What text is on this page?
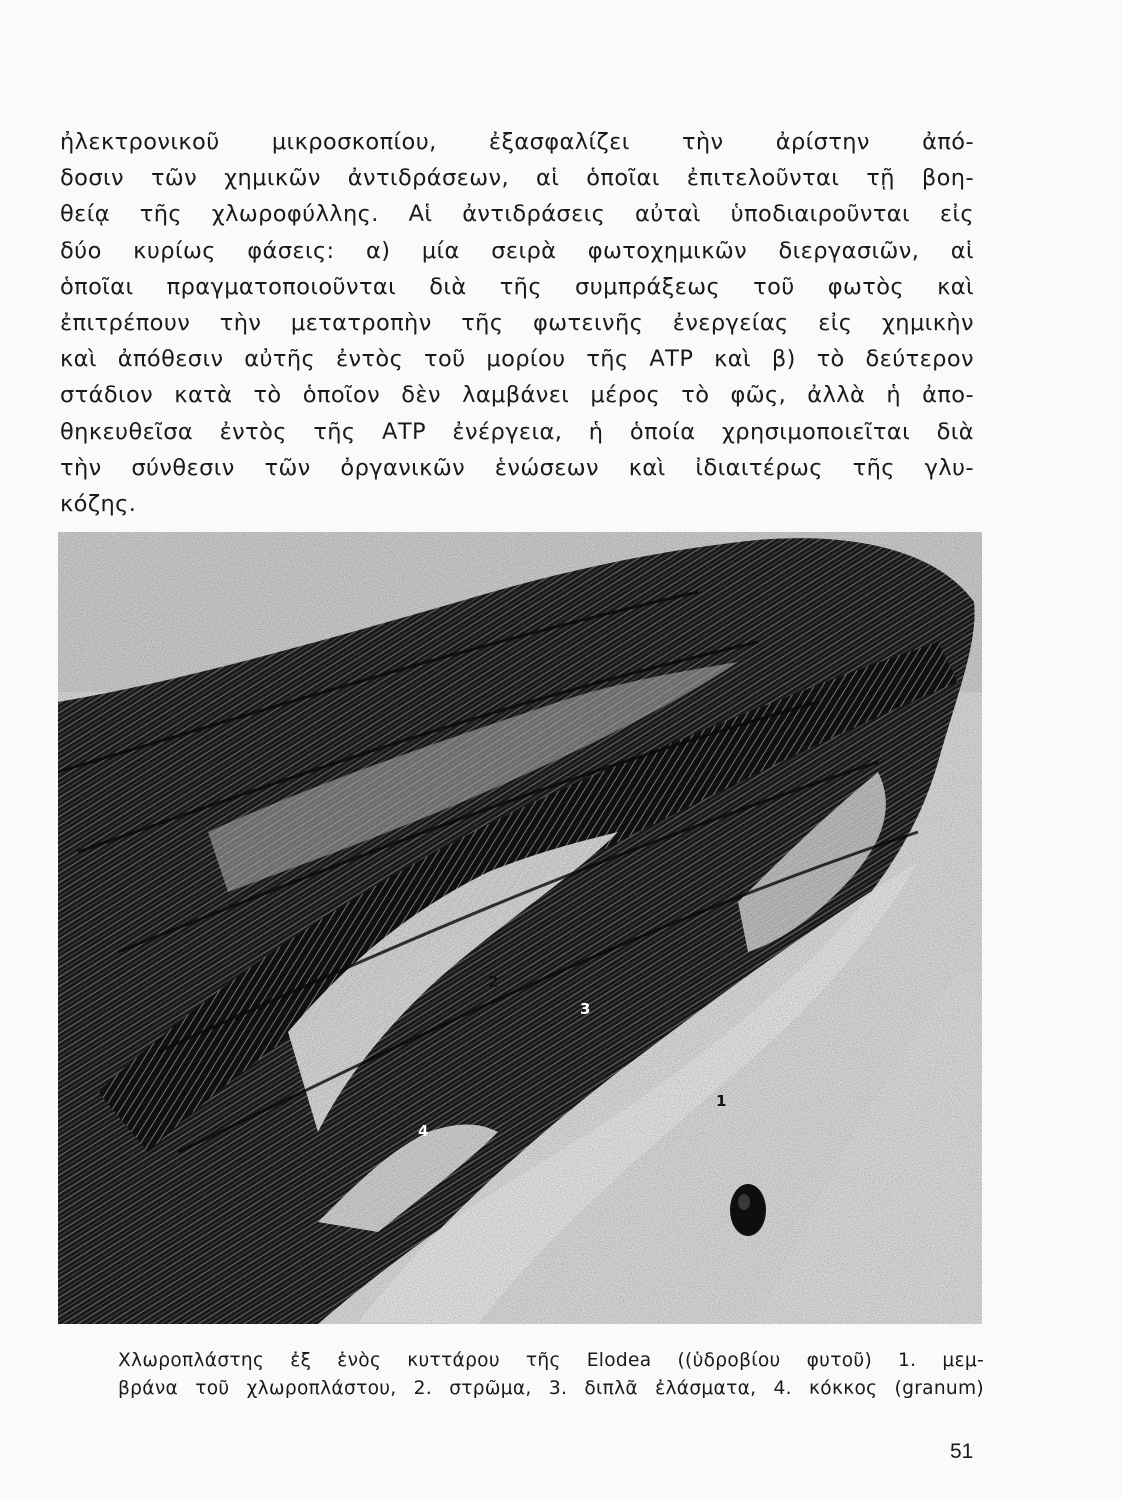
ἠλεκτρονικοῦ μικροσκοπίου, ἐξασφαλίζει τὴν ἀρίστην ἀπό-
δοσιν τῶν χημικῶν ἀντιδράσεων, αἱ ὁποῖαι ἐπιτελοῦνται τῇ βοη-
θείᾳ τῆς χλωροφύλλης. Αἱ ἀντιδράσεις αὐταὶ ὑποδιαιροῦνται εἰς
δύο κυρίως φάσεις: α) μία σειρὰ φωτοχημικῶν διεργασιῶν, αἱ
ὁποῖαι πραγματοποιοῦνται διὰ τῆς συμπράξεως τοῦ φωτὸς καὶ
ἐπιτρέπουν τὴν μετατροπὴν τῆς φωτεινῆς ἐνεργείας εἰς χημικὴν
καὶ ἀπόθεσιν αὐτῆς ἐντὸς τοῦ μορίου τῆς ΑΤΡ καὶ β) τὸ δεύτερον
στάδιον κατὰ τὸ ὁποῖον δὲν λαμβάνει μέρος τὸ φῶς, ἀλλὰ ἡ ἀπο-
θηκευθεῖσα ἐντὸς τῆς ΑΤΡ ἐνέργεια, ἡ ὁποία χρησιμοποιεῖται διὰ
τὴν σύνθεσιν τῶν ὀργανικῶν ἑνώσεων καὶ ἰδιαιτέρως τῆς γλυ-
κόζης.
2
3
4
1
Χλωροπλάστης ἐξ ἑνὸς κυττάρου τῆς Elodea ((ὑδροβίου φυτοῦ) 1. μεμ-
βράνα τοῦ χλωροπλάστου, 2. στρῶμα, 3. διπλᾶ ἐλάσματα, 4. κόκκος (granum)
51
